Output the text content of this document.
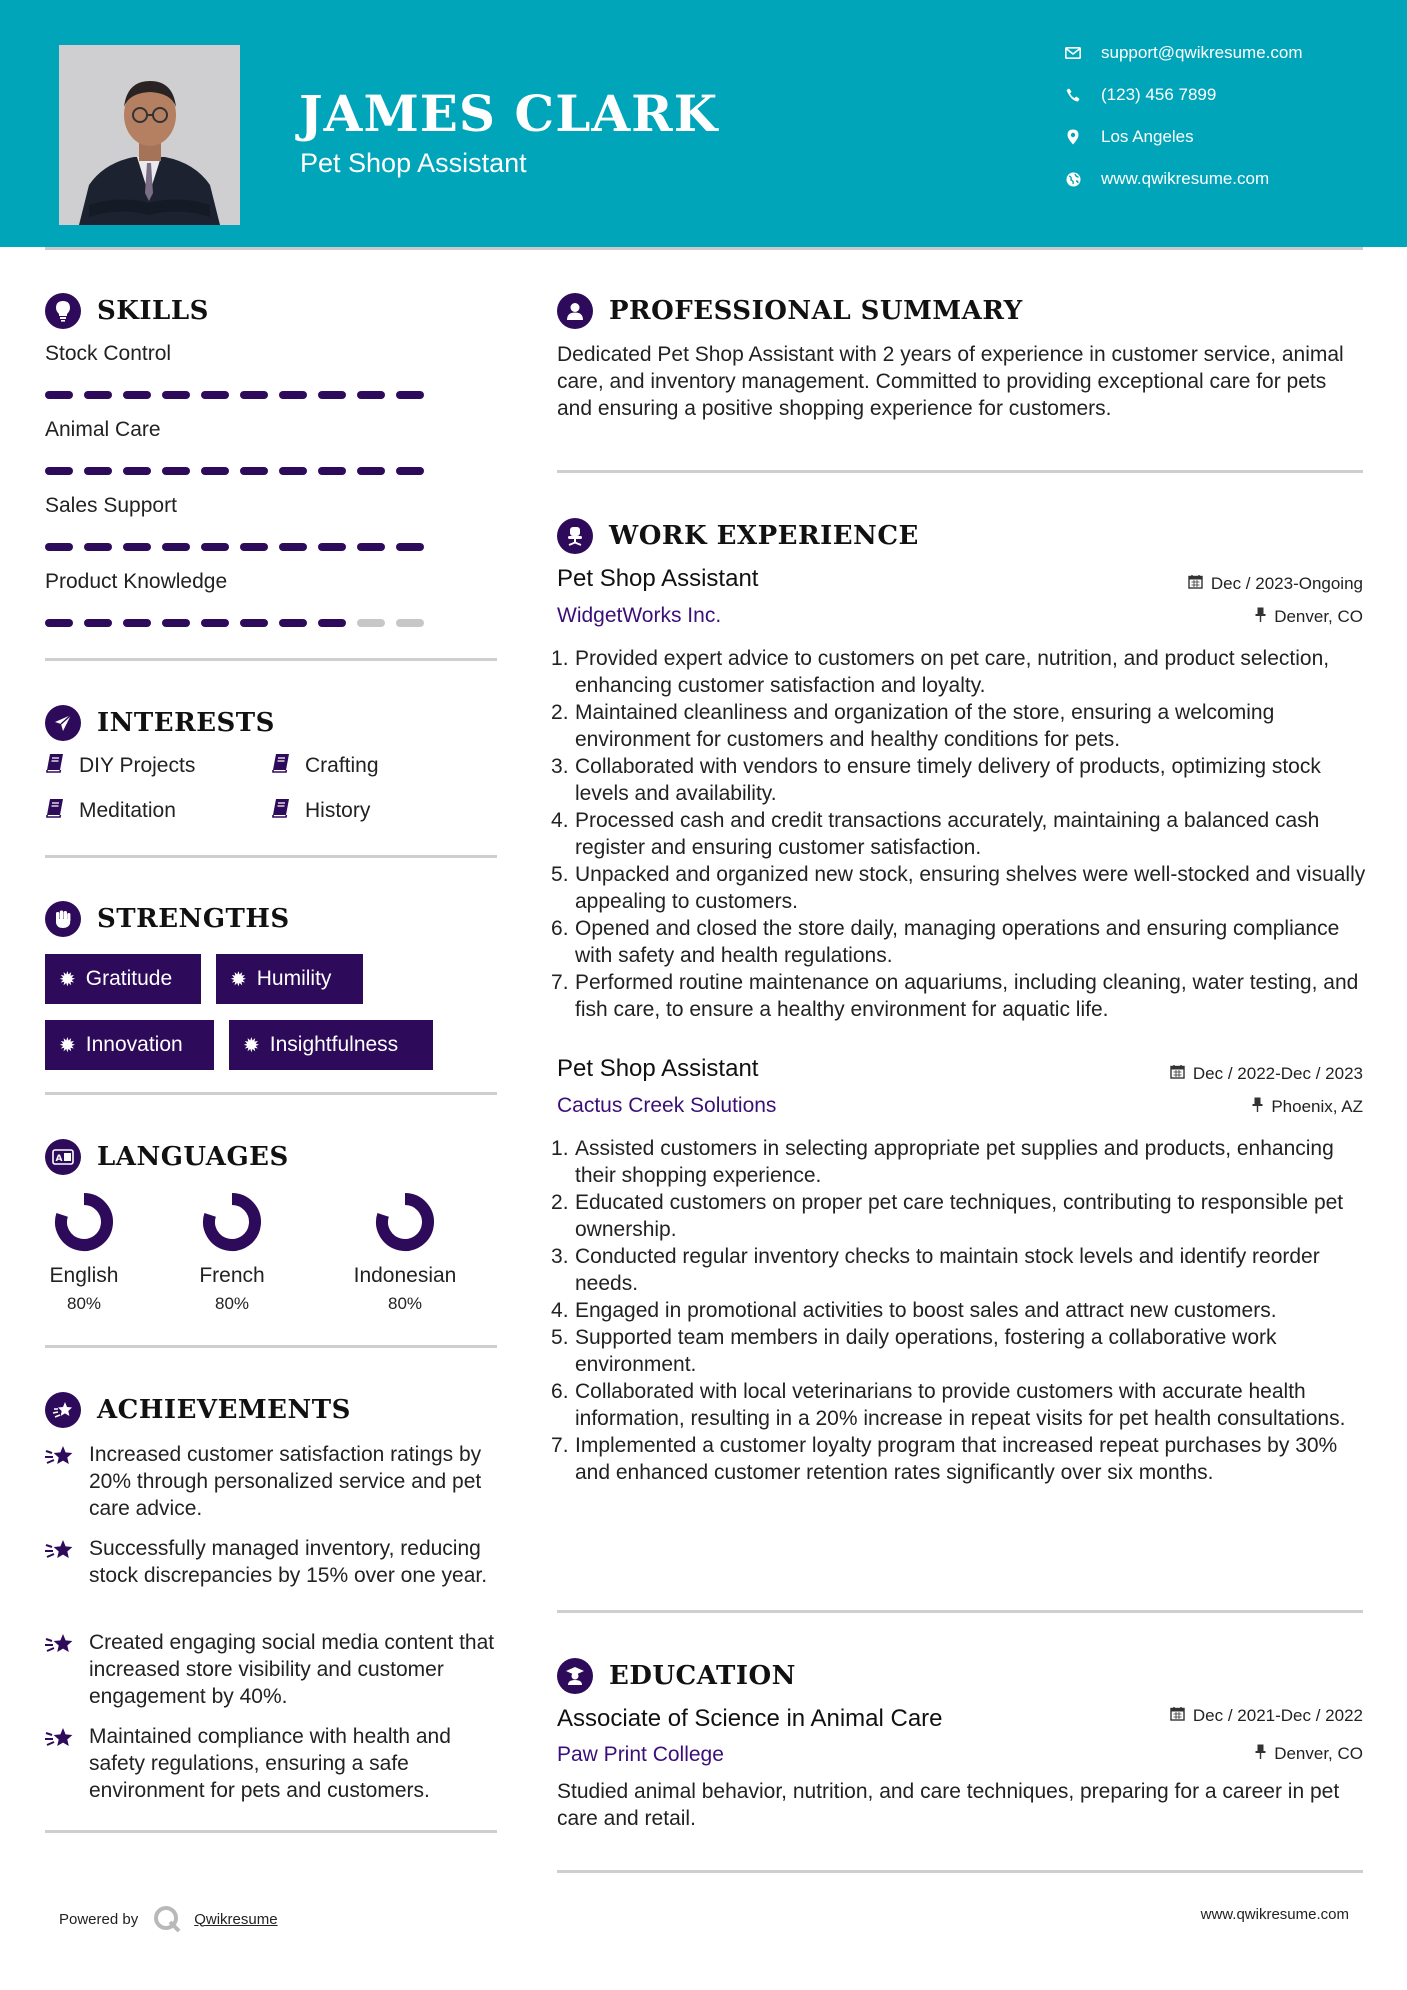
JAMES CLARK
Pet Shop Assistant
support@qwikresume.com
(123) 456 7899
Los Angeles
www.qwikresume.com
SKILLS
Stock Control
Animal Care
Sales Support
Product Knowledge
INTERESTS
DIY Projects	Crafting
Meditation	History
STRENGTHS
✹ Gratitude	✹ Humility
✹ Innovation	✹ Insightfulness
A LANGUAGES
English
80%
French
80%
Indonesian
80%
ACHIEVEMENTS
Increased customer satisfaction ratings by 20% through personalized service and pet care advice.
Successfully managed inventory, reducing stock discrepancies by 15% over one year.
Created engaging social media content that increased store visibility and customer engagement by 40%.
Maintained compliance with health and safety regulations, ensuring a safe environment for pets and customers.
PROFESSIONAL SUMMARY
Dedicated Pet Shop Assistant with 2 years of experience in customer service, animal care, and inventory management. Committed to providing exceptional care for pets and ensuring a positive shopping experience for customers.
WORK EXPERIENCE
Pet Shop Assistant	Dec / 2023-Ongoing
WidgetWorks Inc.	Denver, CO
Provided expert advice to customers on pet care, nutrition, and product selection, enhancing customer satisfaction and loyalty.
Maintained cleanliness and organization of the store, ensuring a welcoming environment for customers and healthy conditions for pets.
Collaborated with vendors to ensure timely delivery of products, optimizing stock levels and availability.
Processed cash and credit transactions accurately, maintaining a balanced cash register and ensuring customer satisfaction.
Unpacked and organized new stock, ensuring shelves were well-stocked and visually appealing to customers.
Opened and closed the store daily, managing operations and ensuring compliance with safety and health regulations.
Performed routine maintenance on aquariums, including cleaning, water testing, and fish care, to ensure a healthy environment for aquatic life.
Pet Shop Assistant	Dec / 2022-Dec / 2023
Cactus Creek Solutions	Phoenix, AZ
Assisted customers in selecting appropriate pet supplies and products, enhancing their shopping experience.
Educated customers on proper pet care techniques, contributing to responsible pet ownership.
Conducted regular inventory checks to maintain stock levels and identify reorder needs.
Engaged in promotional activities to boost sales and attract new customers.
Supported team members in daily operations, fostering a collaborative work environment.
Collaborated with local veterinarians to provide customers with accurate health information, resulting in a 20% increase in repeat visits for pet health consultations.
Implemented a customer loyalty program that increased repeat purchases by 30% and enhanced customer retention rates significantly over six months.
EDUCATION
Associate of Science in Animal Care	Dec / 2021-Dec / 2022
Paw Print College	Denver, CO
Studied animal behavior, nutrition, and care techniques, preparing for a career in pet care and retail.
Powered by	Qwikresume	www.qwikresume.com
